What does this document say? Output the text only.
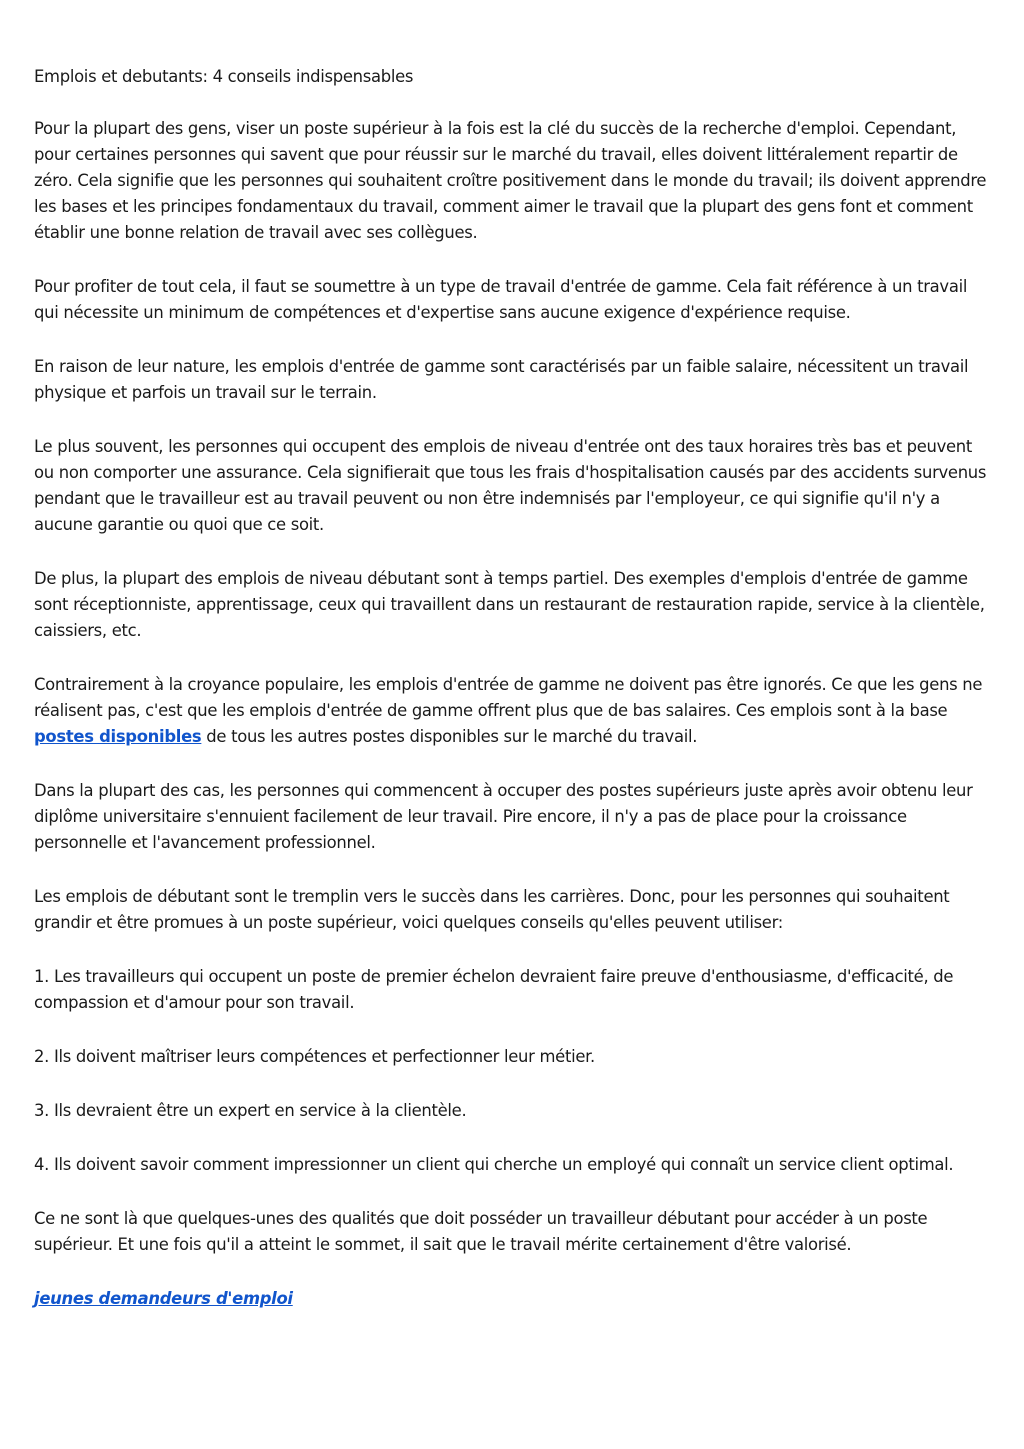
Emplois et debutants: 4 conseils indispensables

Pour la plupart des gens, viser un poste supérieur à la fois est la clé du succès de la recherche d'emploi. Cependant, pour certaines personnes qui savent que pour réussir sur le marché du travail, elles doivent littéralement repartir de zéro. Cela signifie que les personnes qui souhaitent croître positivement dans le monde du travail; ils doivent apprendre les bases et les principes fondamentaux du travail, comment aimer le travail que la plupart des gens font et comment établir une bonne relation de travail avec ses collègues.

Pour profiter de tout cela, il faut se soumettre à un type de travail d'entrée de gamme. Cela fait référence à un travail qui nécessite un minimum de compétences et d'expertise sans aucune exigence d'expérience requise.

En raison de leur nature, les emplois d'entrée de gamme sont caractérisés par un faible salaire, nécessitent un travail physique et parfois un travail sur le terrain.

Le plus souvent, les personnes qui occupent des emplois de niveau d'entrée ont des taux horaires très bas et peuvent ou non comporter une assurance. Cela signifierait que tous les frais d'hospitalisation causés par des accidents survenus pendant que le travailleur est au travail peuvent ou non être indemnisés par l'employeur, ce qui signifie qu'il n'y a aucune garantie ou quoi que ce soit.

De plus, la plupart des emplois de niveau débutant sont à temps partiel. Des exemples d'emplois d'entrée de gamme sont réceptionniste, apprentissage, ceux qui travaillent dans un restaurant de restauration rapide, service à la clientèle, caissiers, etc.

Contrairement à la croyance populaire, les emplois d'entrée de gamme ne doivent pas être ignorés. Ce que les gens ne réalisent pas, c'est que les emplois d'entrée de gamme offrent plus que de bas salaires. Ces emplois sont à la base postes disponibles de tous les autres postes disponibles sur le marché du travail.

Dans la plupart des cas, les personnes qui commencent à occuper des postes supérieurs juste après avoir obtenu leur diplôme universitaire s'ennuient facilement de leur travail. Pire encore, il n'y a pas de place pour la croissance personnelle et l'avancement professionnel.

Les emplois de débutant sont le tremplin vers le succès dans les carrières. Donc, pour les personnes qui souhaitent grandir et être promues à un poste supérieur, voici quelques conseils qu'elles peuvent utiliser:

1. Les travailleurs qui occupent un poste de premier échelon devraient faire preuve d'enthousiasme, d'efficacité, de compassion et d'amour pour son travail.

2. Ils doivent maîtriser leurs compétences et perfectionner leur métier.

3. Ils devraient être un expert en service à la clientèle.

4. Ils doivent savoir comment impressionner un client qui cherche un employé qui connaît un service client optimal.

Ce ne sont là que quelques-unes des qualités que doit posséder un travailleur débutant pour accéder à un poste supérieur. Et une fois qu'il a atteint le sommet, il sait que le travail mérite certainement d'être valorisé.

jeunes demandeurs d'emploi
